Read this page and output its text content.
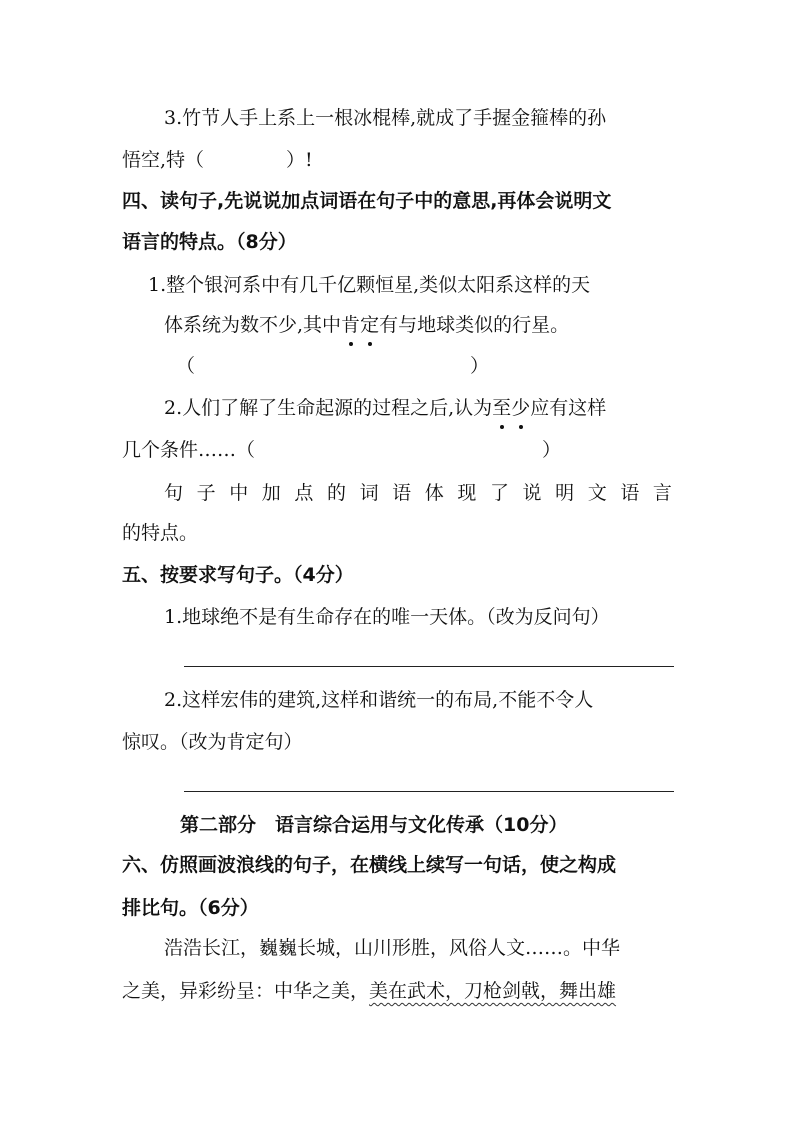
3.竹节人手上系上一根冰棍棒,就成了手握金箍棒的孙
悟空,特（	）!
四、读句子,先说说加点词语在句子中的意思,再体会说明文
语言的特点。（8分）
1.整个银河系中有几千亿颗恒星,类似太阳系这样的天
体系统为数不少,其中肯定有与地球类似的行星。
（	）
2.人们了解了生命起源的过程之后,认为至少应有这样
几个条件……（	）
句 子 中 加 点 的 词 语 体 现 了 说 明 文 语 言
的特点。
五、按要求写句子。（4分）
1.地球绝不是有生命存在的唯一天体。（改为反问句）
2.这样宏伟的建筑,这样和谐统一的布局,不能不令人
惊叹。（改为肯定句）
第二部分　语言综合运用与文化传承（10分）
六、仿照画波浪线的句子，在横线上续写一句话，使之构成
排比句。（6分）
浩浩长江，巍巍长城，山川形胜，风俗人文……。中华
之美，异彩纷呈：中华之美，美在武术，刀枪剑戟，舞出雄
